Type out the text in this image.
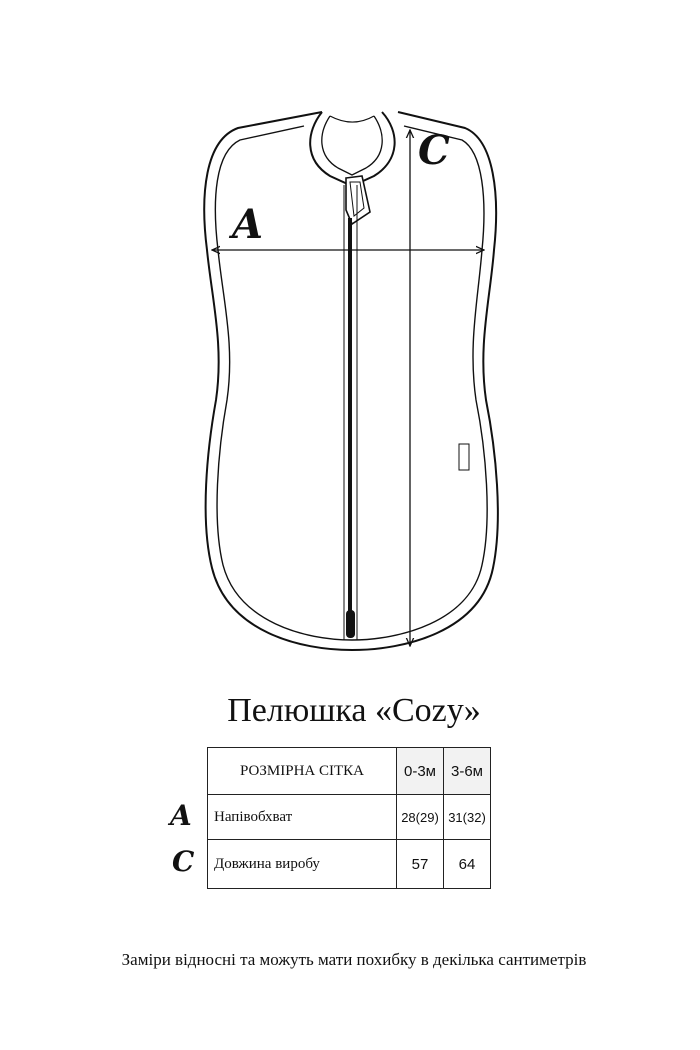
A
C
Пелюшка «Cozy»
A
C
РОЗМІРНА СІТКА	0-3м	3-6м
Напівобхват	28(29)	31(32)
Довжина виробу	57	64
Заміри відносні та можуть мати похибку в декілька сантиметрів
